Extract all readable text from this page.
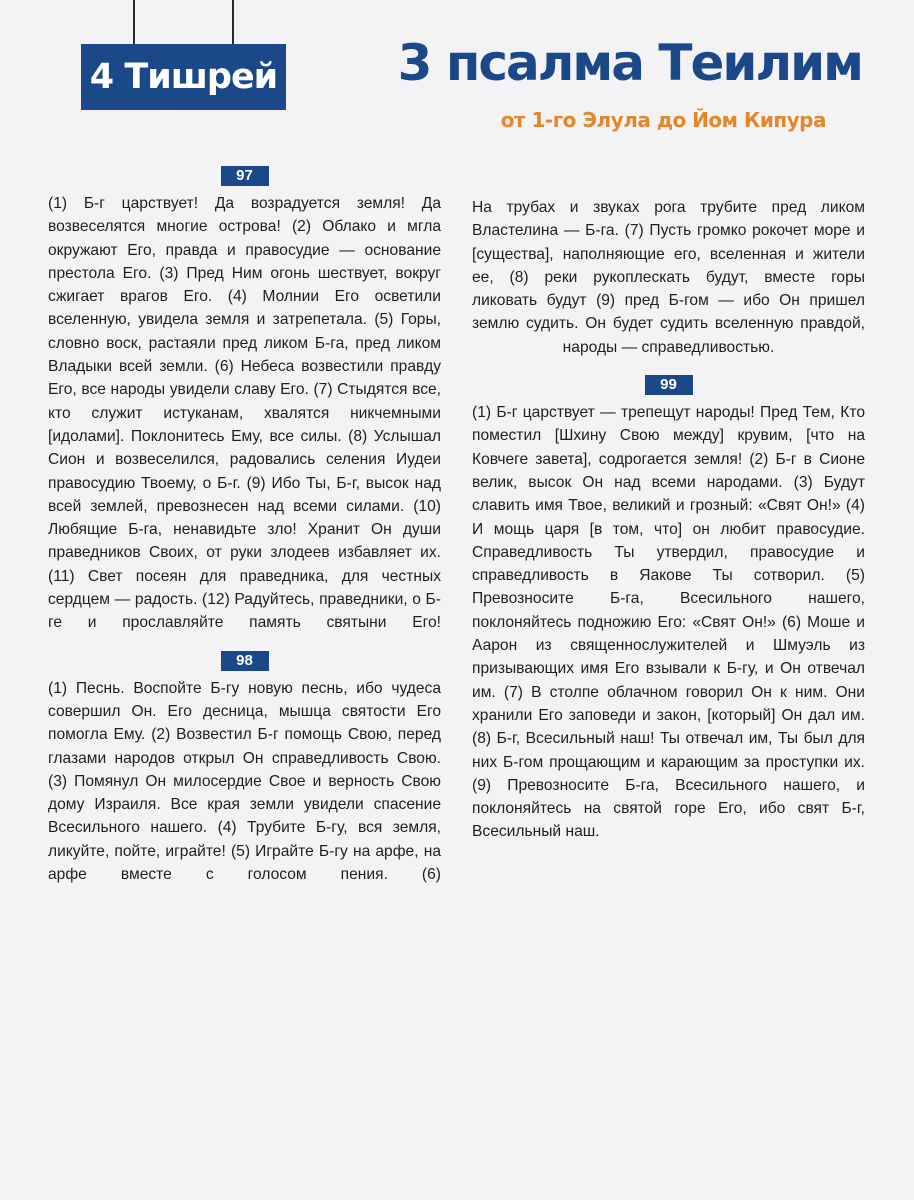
4 Тишрей 3 псалма Теилим
от 1-го Элула до Йом Кипура
97

(1) Б-г царствует! Да возрадуется земля! Да возвеселятся многие острова! (2) Облако и мгла окружают Его, правда и правосудие — основание престола Его. (3) Пред Ним огонь шествует, вокруг сжигает врагов Его. (4) Молнии Его осветили вселенную, увидела земля и затрепетала. (5) Горы, словно воск, растаяли пред ликом Б-га, пред ликом Владыки всей земли. (6) Небеса возвестили правду Его, все народы увидели славу Его. (7) Стыдятся все, кто служит истуканам, хвалятся никчемными [идолами]. Поклонитесь Ему, все силы. (8) Услышал Сион и возвеселился, радовались селения Иудеи правосудию Твоему, о Б-г. (9) Ибо Ты, Б-г, высок над всей землей, превознесен над всеми силами. (10) Любящие Б-га, ненавидьте зло! Хранит Он души праведников Своих, от руки злодеев избавляет их. (11) Свет посеян для праведника, для честных сердцем — радость. (12) Радуйтесь, праведники, о Б-ге и прославляйте память святыни Его!

98

(1) Песнь. Воспойте Б-гу новую песнь, ибо чудеса совершил Он. Его десница, мышца святости Его помогла Ему. (2) Возвестил Б-г помощь Свою, перед глазами народов открыл Он справедливость Свою. (3) Помянул Он милосердие Свое и верность Свою дому Израиля. Все края земли увидели спасение Всесильного нашего. (4) Трубите Б-гу, вся земля, ликуйте, пойте, играйте! (5) Играйте Б-гу на арфе, на арфе вместе с голосом пения. (6)

На трубах и звуках рога трубите пред ликом Властелина — Б-га. (7) Пусть громко рокочет море и [существа], наполняющие его, вселенная и жители ее, (8) реки рукоплескать будут, вместе горы ликовать будут (9) пред Б-гом — ибо Он пришел землю судить. Он будет судить вселенную правдой, народы — справедливостью.

99

(1) Б-г царствует — трепещут народы! Пред Тем, Кто поместил [Шхину Свою между] крувим, [что на Ковчеге завета], содрогается земля! (2) Б-г в Сионе велик, высок Он над всеми народами. (3) Будут славить имя Твое, великий и грозный: «Свят Он!» (4) И мощь царя [в том, что] он любит правосудие. Справедливость Ты утвердил, правосудие и справедливость в Яакове Ты сотворил. (5) Превозносите Б-га, Всесильного нашего, поклоняйтесь подножию Его: «Свят Он!» (6) Моше и Аарон из священнослужителей и Шмуэль из призывающих имя Его взывали к Б-гу, и Он отвечал им. (7) В столпе облачном говорил Он к ним. Они хранили Его заповеди и закон, [который] Он дал им. (8) Б-г, Всесильный наш! Ты отвечал им, Ты был для них Б-гом прощающим и карающим за проступки их. (9) Превозносите Б-га, Всесильного нашего, и поклоняйтесь на святой горе Его, ибо свят Б-г, Всесильный наш.
